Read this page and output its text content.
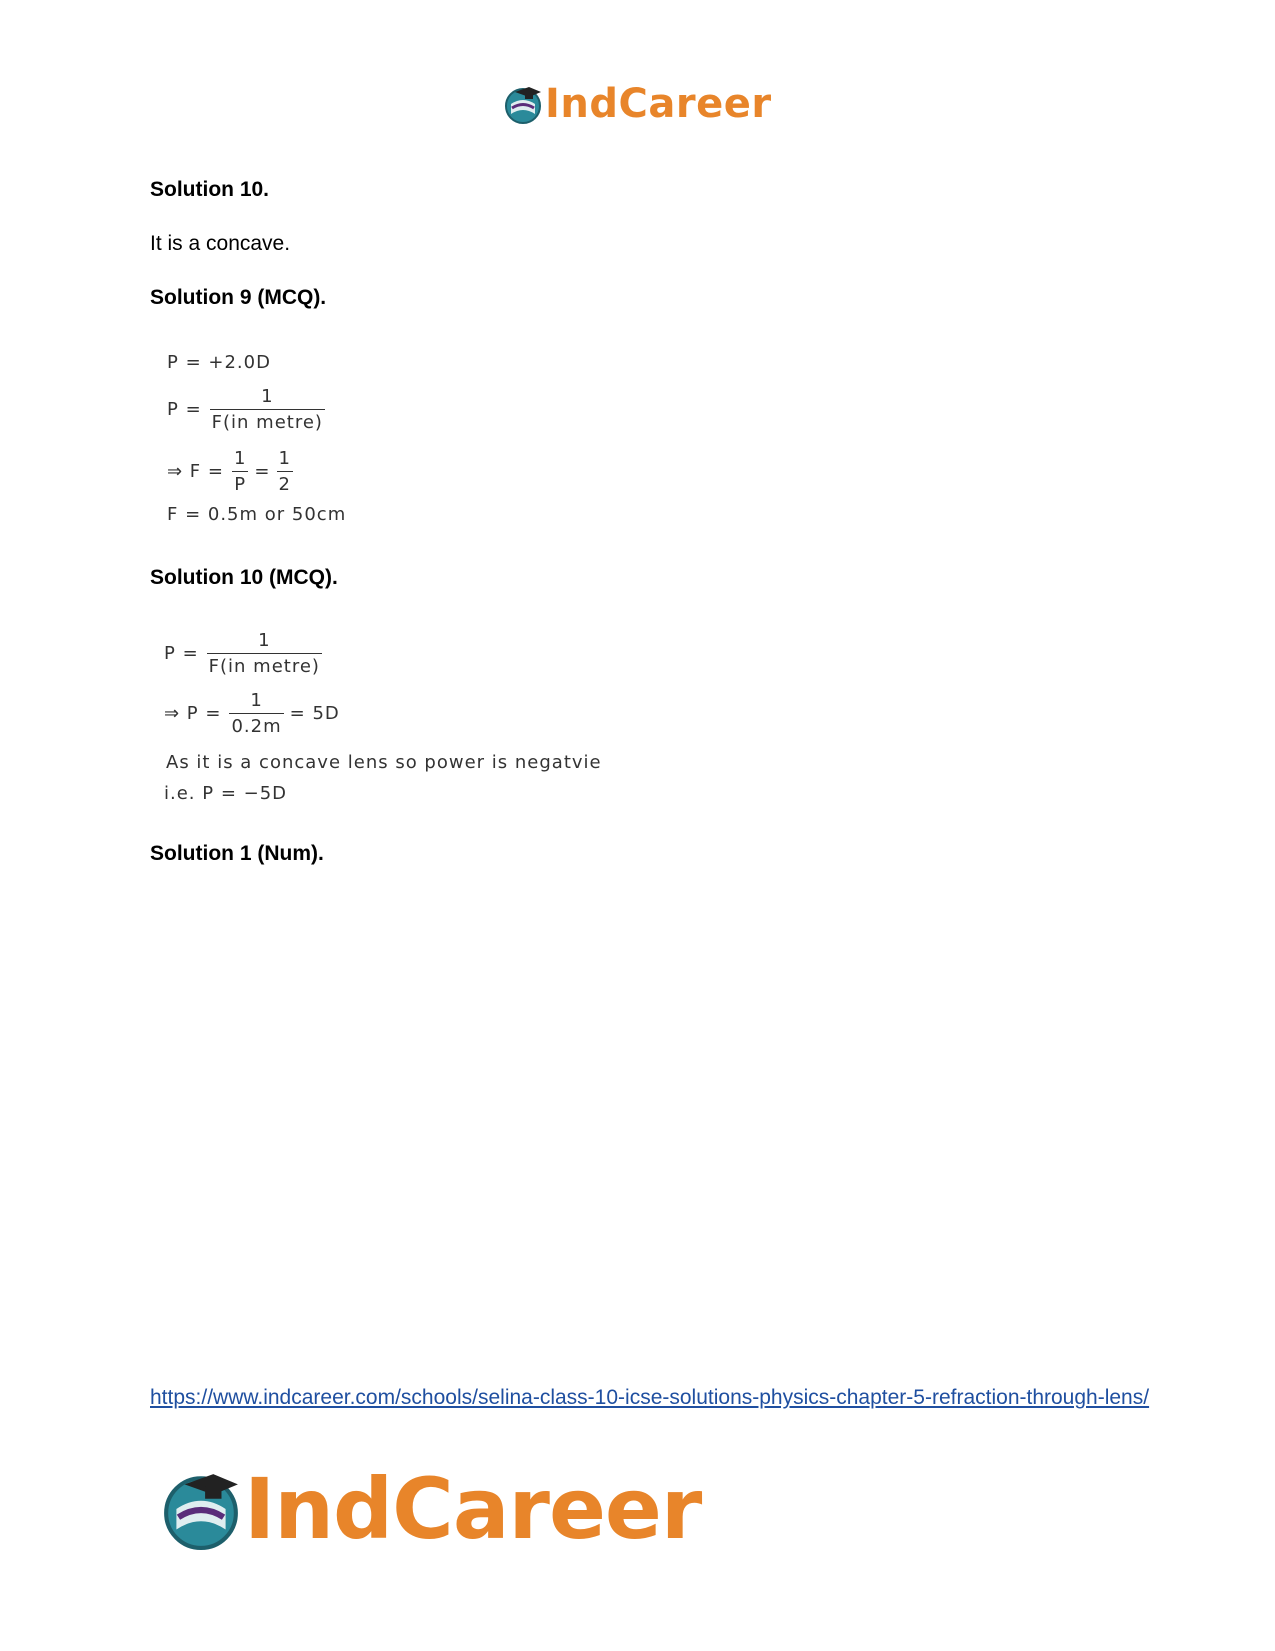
IndCareer
Solution 10.
It is a concave.
Solution 9 (MCQ).
P = +2.0D
$P = \frac{1}{\text{F(in metre)}}$
⇒ $F = \frac{1}{P} = \frac{1}{2}$
F = 0.5m or 50cm
Solution 10 (MCQ).
$P = \frac{1}{\text{F(in metre)}}$
⇒ $P = \frac{1}{0.2m} = 5D$
As it is a concave lens so power is negatvie
i.e. P = −5D
Solution 1 (Num).
https://www.indcareer.com/schools/selina-class-10-icse-solutions-physics-chapter-5-refraction-through-lens/
IndCareer
